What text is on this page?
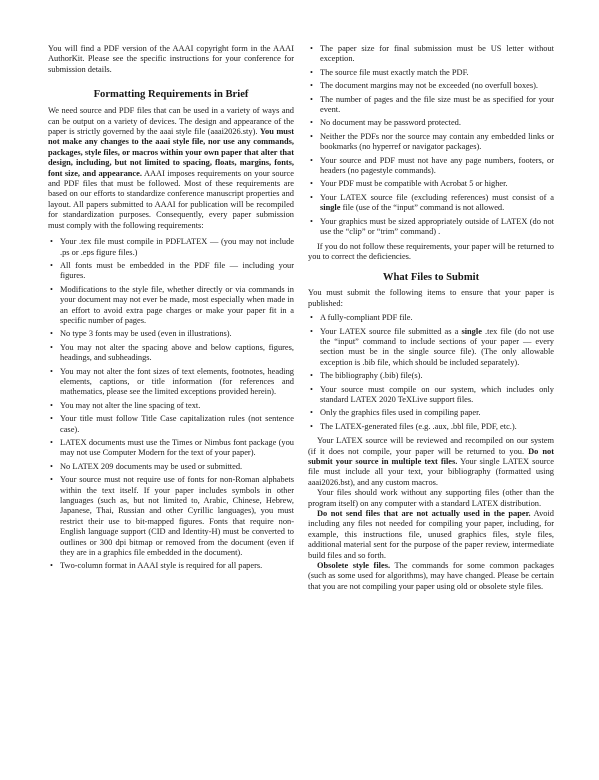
You will find a PDF version of the AAAI copyright form in the AAAI AuthorKit. Please see the specific instructions for your conference for submission details.

Formatting Requirements in Brief

We need source and PDF files that can be used in a variety of ways and can be output on a variety of devices. The design and appearance of the paper is strictly governed by the aaai style file (aaai2026.sty). You must not make any changes to the aaai style file, nor use any commands, packages, style files, or macros within your own paper that alter that design, including, but not limited to spacing, floats, margins, fonts, font size, and appearance. AAAI imposes requirements on your source and PDF files that must be followed. Most of these requirements are based on our efforts to standardize conference manuscript properties and layout. All papers submitted to AAAI for publication will be recompiled for standardization purposes. Consequently, every paper submission must comply with the following requirements:

• Your .tex file must compile in PDFLATEX — (you may not include .ps or .eps figure files.)
• All fonts must be embedded in the PDF file — including your figures.
• Modifications to the style file, whether directly or via commands in your document may not ever be made, most especially when made in an effort to avoid extra page charges or make your paper fit in a specific number of pages.
• No type 3 fonts may be used (even in illustrations).
• You may not alter the spacing above and below captions, figures, headings, and subheadings.
• You may not alter the font sizes of text elements, footnotes, heading elements, captions, or title information (for references and mathematics, please see the limited exceptions provided herein).
• You may not alter the line spacing of text.
• Your title must follow Title Case capitalization rules (not sentence case).
• LATEX documents must use the Times or Nimbus font package (you may not use Computer Modern for the text of your paper).
• No LATEX 209 documents may be used or submitted.
• Your source must not require use of fonts for non-Roman alphabets within the text itself. If your paper includes symbols in other languages (such as, but not limited to, Arabic, Chinese, Hebrew, Japanese, Thai, Russian and other Cyrillic languages), you must restrict their use to bit-mapped figures. Fonts that require non-English language support (CID and Identity-H) must be converted to outlines or 300 dpi bitmap or removed from the document (even if they are in a graphics file embedded in the document).
• Two-column format in AAAI style is required for all papers.
• The paper size for final submission must be US letter without exception.
• The source file must exactly match the PDF.
• The document margins may not be exceeded (no overfull boxes).
• The number of pages and the file size must be as specified for your event.
• No document may be password protected.
• Neither the PDFs nor the source may contain any embedded links or bookmarks (no hyperref or navigator packages).
• Your source and PDF must not have any page numbers, footers, or headers (no pagestyle commands).
• Your PDF must be compatible with Acrobat 5 or higher.
• Your LATEX source file (excluding references) must consist of a single file (use of the “input” command is not allowed.
• Your graphics must be sized appropriately outside of LATEX (do not use the “clip” or “trim” command) .

If you do not follow these requirements, your paper will be returned to you to correct the deficiencies.

What Files to Submit

You must submit the following items to ensure that your paper is published:

• A fully-compliant PDF file.
• Your LATEX source file submitted as a single .tex file (do not use the “input” command to include sections of your paper — every section must be in the single source file). (The only allowable exception is .bib file, which should be included separately).
• The bibliography (.bib) file(s).
• Your source must compile on our system, which includes only standard LATEX 2020 TeXLive support files.
• Only the graphics files used in compiling paper.
• The LATEX-generated files (e.g. .aux, .bbl file, PDF, etc.).

Your LATEX source will be reviewed and recompiled on our system (if it does not compile, your paper will be returned to you. Do not submit your source in multiple text files. Your single LATEX source file must include all your text, your bibliography (formatted using aaai2026.bst), and any custom macros.

Your files should work without any supporting files (other than the program itself) on any computer with a standard LATEX distribution.

Do not send files that are not actually used in the paper. Avoid including any files not needed for compiling your paper, including, for example, this instructions file, unused graphics files, style files, additional material sent for the purpose of the paper review, intermediate build files and so forth.

Obsolete style files. The commands for some common packages (such as some used for algorithms), may have changed. Please be certain that you are not compiling your paper using old or obsolete style files.
